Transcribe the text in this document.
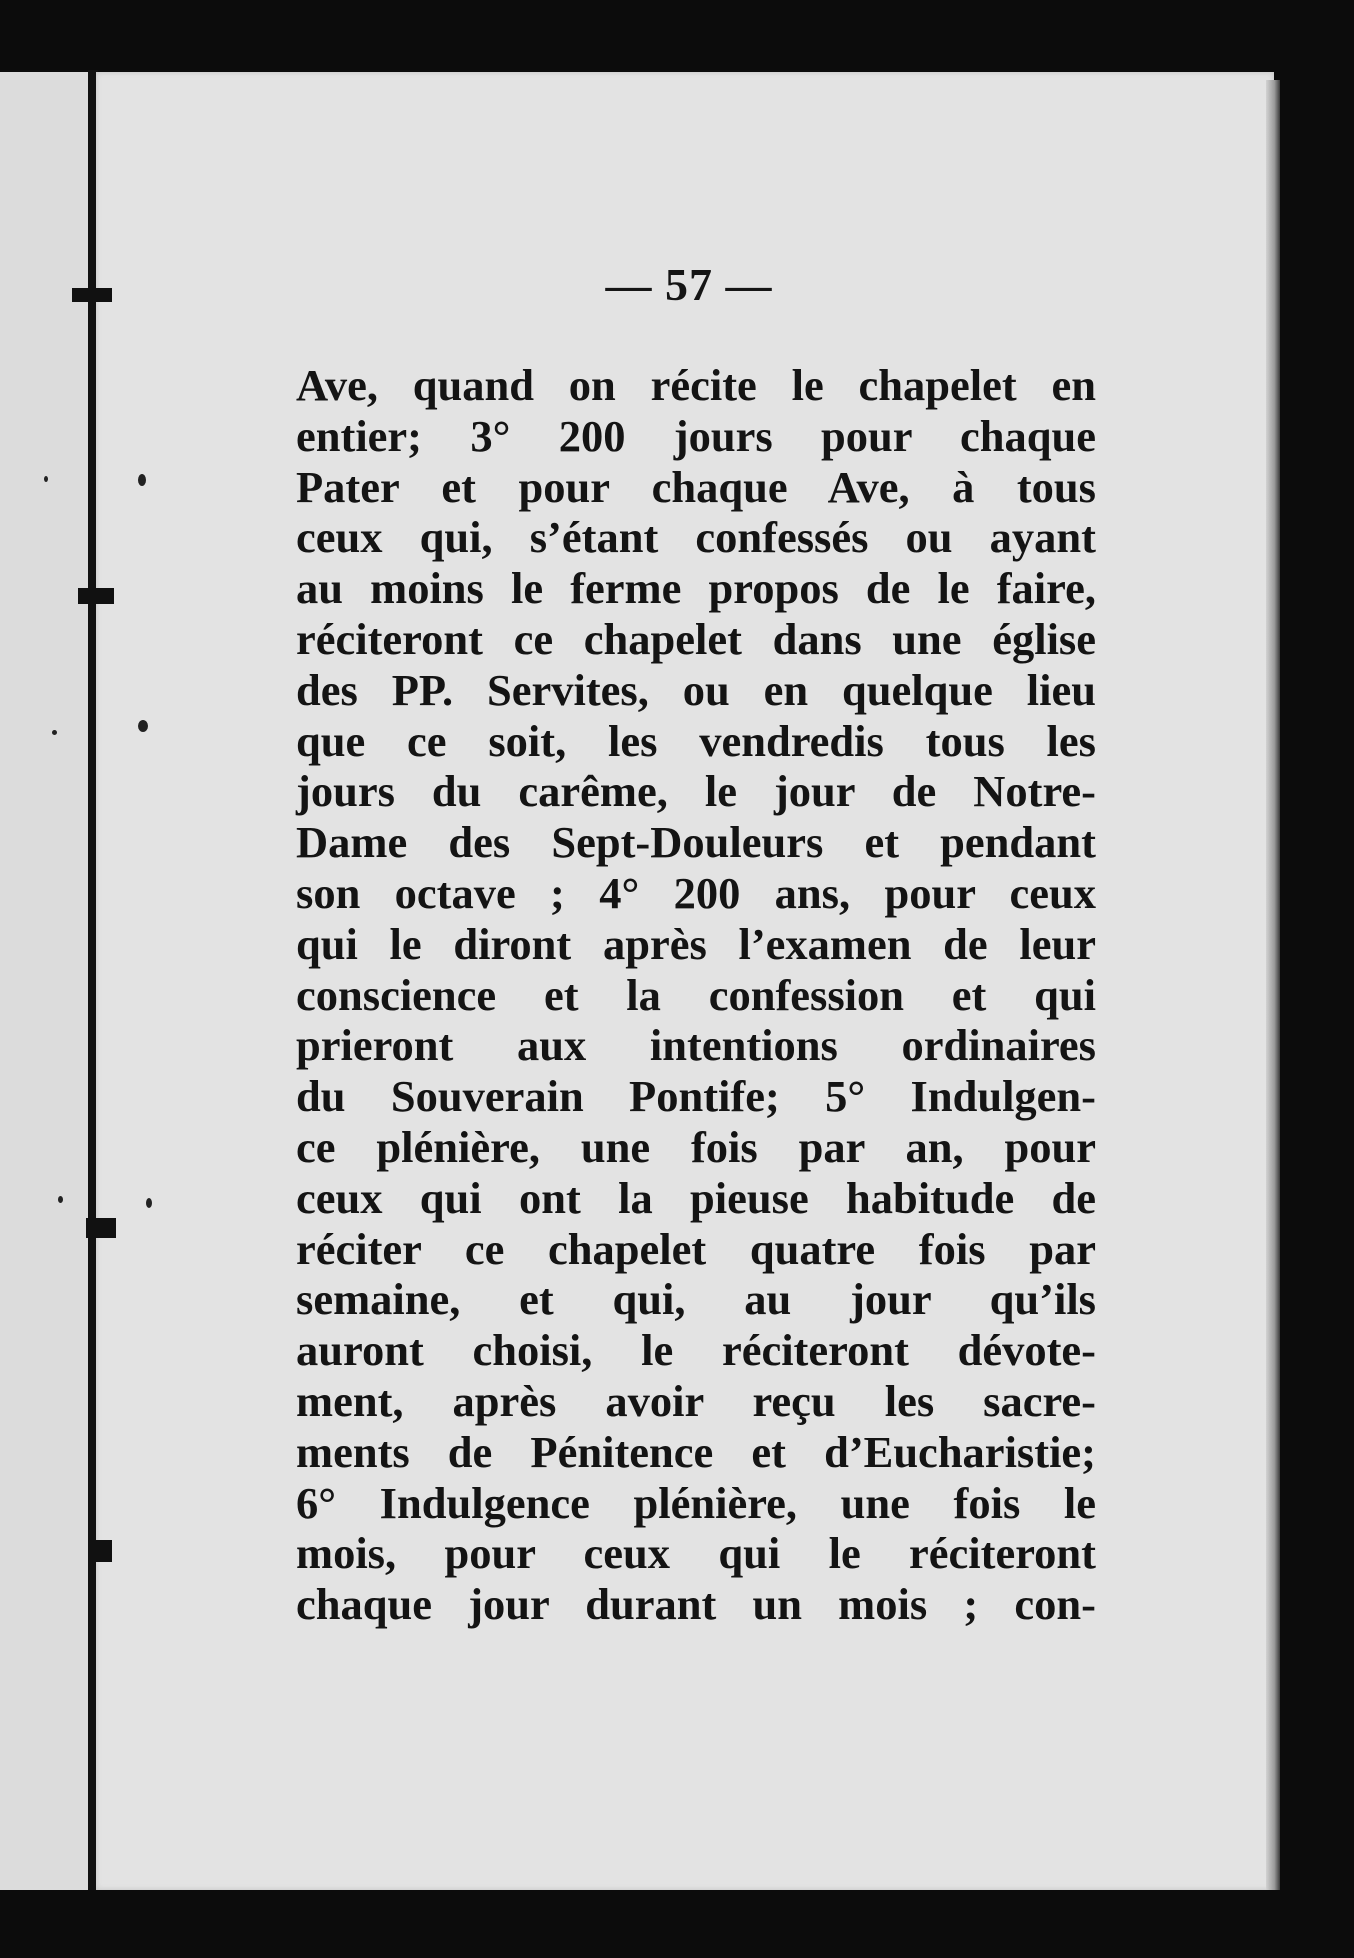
— 57 —
Ave, quand on récite le chapelet en
entier; 3° 200 jours pour chaque
Pater et pour chaque Ave, à tous
ceux qui, s’étant confessés ou ayant
au moins le ferme propos de le faire,
réciteront ce chapelet dans une église
des PP. Servites, ou en quelque lieu
que ce soit, les vendredis tous les
jours du carême, le jour de Notre-
Dame des Sept-Douleurs et pendant
son octave ; 4° 200 ans, pour ceux
qui le diront après l’examen de leur
conscience et la confession et qui
prieront aux intentions ordinaires
du Souverain Pontife; 5° Indulgen-
ce plénière, une fois par an, pour
ceux qui ont la pieuse habitude de
réciter ce chapelet quatre fois par
semaine, et qui, au jour qu’ils
auront choisi, le réciteront dévote-
ment, après avoir reçu les sacre-
ments de Pénitence et d’Eucharistie;
6° Indulgence plénière, une fois le
mois, pour ceux qui le réciteront
chaque jour durant un mois ; con-
